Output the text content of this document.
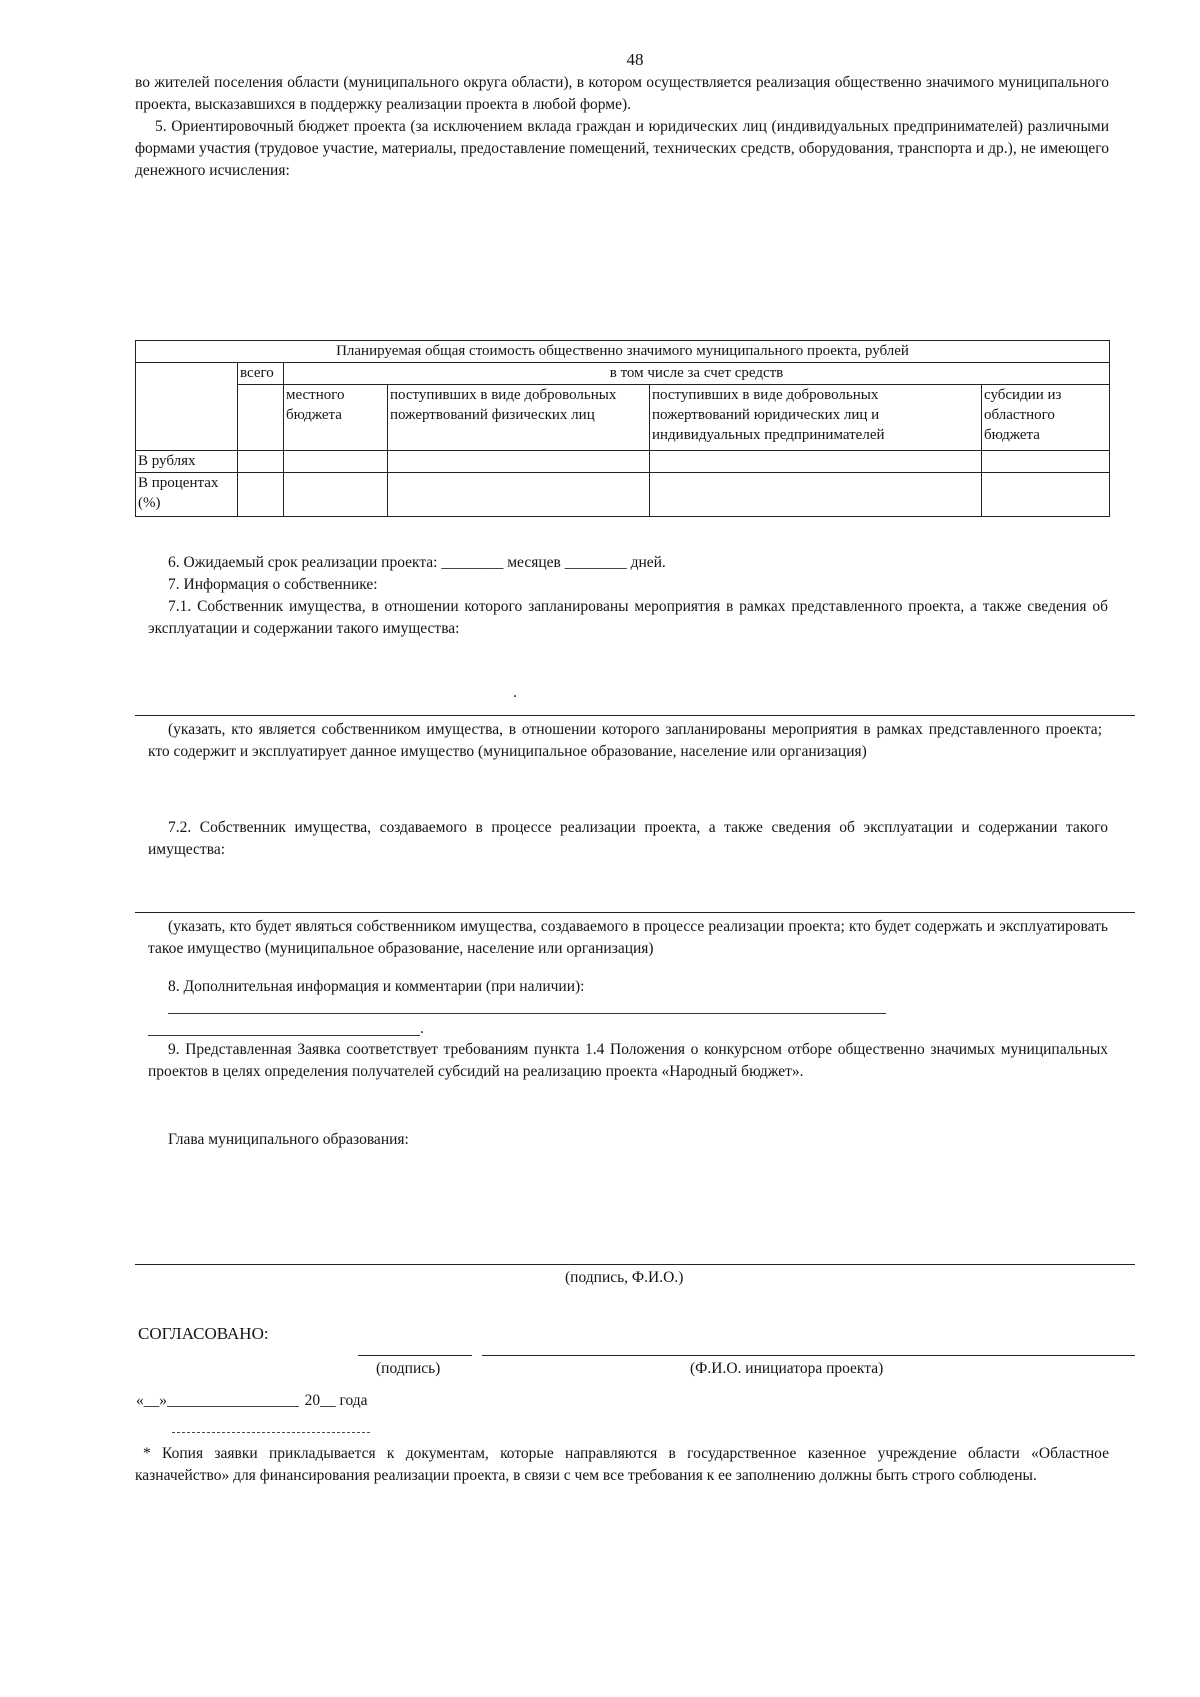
48

во жителей поселения области (муниципального округа области), в котором осуществляется реализация общественно значимого муниципального проекта, высказавшихся в поддержку реализации проекта в любой форме).

5. Ориентировочный бюджет проекта (за исключением вклада граждан и юридических лиц (индивидуальных предпринимателей) различными формами участия (трудовое участие, материалы, предоставление помещений, технических средств, оборудования, транспорта и др.), не имеющего денежного исчисления:

Планируемая общая стоимость общественно значимого муниципального проекта, рублей					
	всего	в том числе за счет средств			
		местного бюджета	поступивших в виде добровольных пожертвований физических лиц	поступивших в виде добровольных пожертвований юридических лиц и индивидуальных предпринимателей	субсидии из областного бюджета
В рублях					
В процентах (%)					
6. Ожидаемый срок реализации проекта: ________ месяцев ________ дней.
7. Информация о собственнике:

7.1. Собственник имущества, в отношении которого запланированы мероприятия в рамках представленного проекта, а также сведения об эксплуатации и содержании такого имущества:

.

(указать, кто является собственником имущества, в отношении которого запланированы мероприятия в рамках представленного проекта; кто содержит и эксплуатирует данное имущество (муниципальное образование, население или организация)

7.2. Собственник имущества, создаваемого в процессе реализации проекта, а также сведения об эксплуатации и содержании такого имущества:

(указать, кто будет являться собственником имущества, создаваемого в процессе реализации проекта; кто будет содержать и эксплуатировать такое имущество (муниципальное образование, население или организация)

8. Дополнительная информация и комментарии (при наличии):
.

9. Представленная Заявка соответствует требованиям пункта 1.4 Положения о конкурсном отборе общественно значимых муниципальных проектов в целях определения получателей субсидий на реализацию проекта «Народный бюджет».

Глава муниципального образования:
(подпись, Ф.И.О.)
СОГЛАСОВАНО:
(подпись)	(Ф.И.О. инициатора проекта)
«__»_________________ 20__ года

* Копия заявки прикладывается к документам, которые направляются в государственное казенное учреждение области «Областное казначейство» для финансирования реализации проекта, в связи с чем все требования к ее заполнению должны быть строго соблюдены.
